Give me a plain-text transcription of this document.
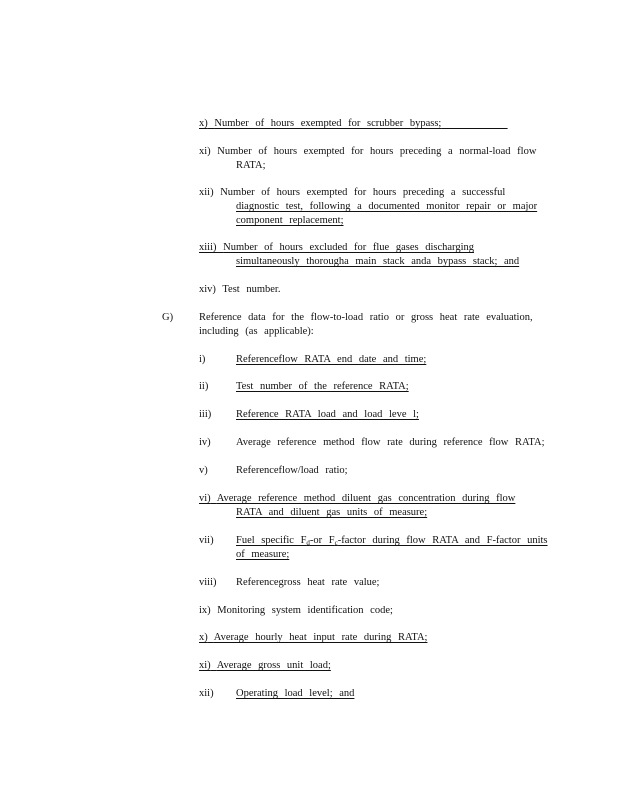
x) Number of hours exempted for scrubber bypass;
xi) Number of hours exempted for hours preceding a normal-load flow
RATA;
xii) Number of hours exempted for hours preceding a successful
diagnostic test, following a documented monitor repair or major
component replacement;
xiii) Number of hours excluded for flue gases discharging
simultaneously thorougha main stack anda bypass stack; and
xiv) Test number.
G) Reference data for the flow-to-load ratio or gross heat rate evaluation,
including (as applicable):
i)	Referenceflow RATA end date and time;
ii)	Test number of the reference RATA;
iii) Reference RATA load and load leve l;
iv) Average reference method flow rate during reference flow RATA;
v)	Referenceflow/load ratio;
vi) Average reference method diluent gas concentration during flow
RATA and diluent gas units of measure;
vii) Fuel specific $F_d-or$ $F_c$-factor during flow RATA and F-factor units
of measure;
viii) Referencegross heat rate value;
ix) Monitoring system identification code;
x) Average hourly heat input rate during RATA;
xi) Average gross unit load;
xii) Operating load level; and
